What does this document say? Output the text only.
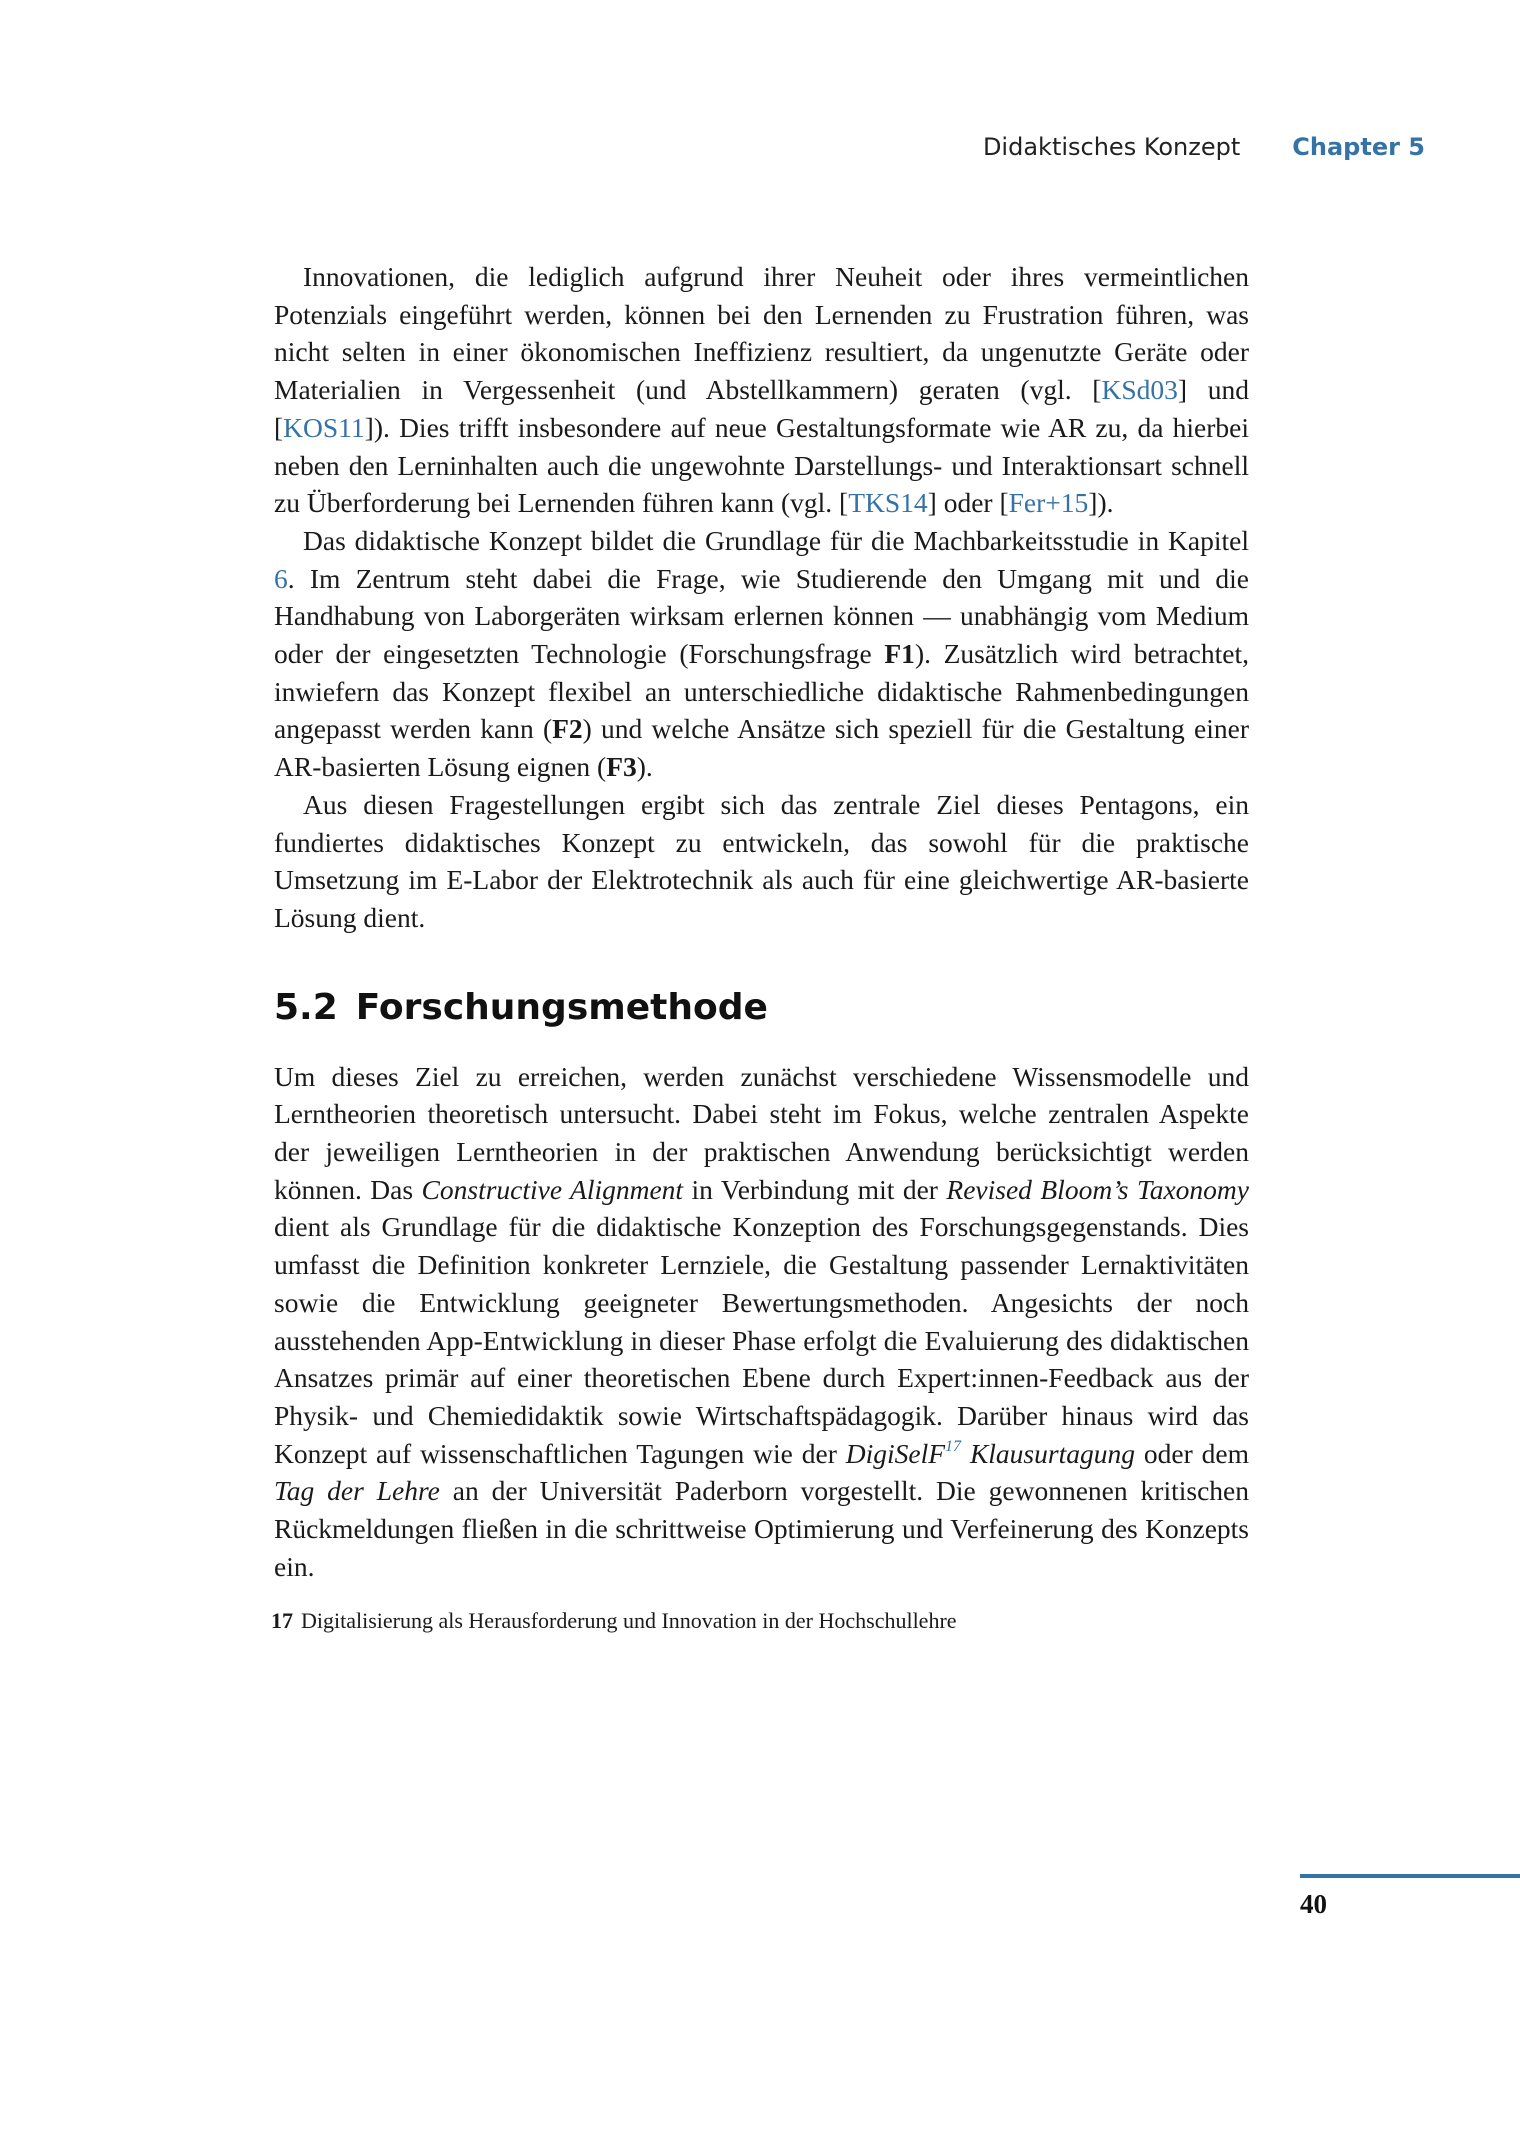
Didaktisches Konzept Chapter 5

Innovationen, die lediglich aufgrund ihrer Neuheit oder ihres vermeintlichen Potenzials eingeführt werden, können bei den Lernenden zu Frustration führen, was nicht selten in einer ökonomischen Ineffizienz resultiert, da ungenutzte Geräte oder Materialien in Vergessenheit (und Abstellkammern) geraten (vgl. [KSd03] und [KOS11]). Dies trifft insbesondere auf neue Gestaltungsformate wie AR zu, da hierbei neben den Lerninhalten auch die ungewohnte Darstellungs- und Interaktionsart schnell zu Überforderung bei Lernenden führen kann (vgl. [TKS14] oder [Fer+15]).

Das didaktische Konzept bildet die Grundlage für die Machbarkeitsstudie in Kapitel 6. Im Zentrum steht dabei die Frage, wie Studierende den Umgang mit und die Handhabung von Laborgeräten wirksam erlernen können — unabhängig vom Medium oder der eingesetzten Technologie (Forschungsfrage F1). Zusätzlich wird betrachtet, inwiefern das Konzept flexibel an unterschiedliche didaktische Rahmenbedingungen angepasst werden kann (F2) und welche Ansätze sich speziell für die Gestaltung einer AR-basierten Lösung eignen (F3).

Aus diesen Fragestellungen ergibt sich das zentrale Ziel dieses Pentagons, ein fundiertes didaktisches Konzept zu entwickeln, das sowohl für die praktische Umsetzung im E-Labor der Elektrotechnik als auch für eine gleichwertige AR-basierte Lösung dient.

5.2 Forschungsmethode

Um dieses Ziel zu erreichen, werden zunächst verschiedene Wissensmodelle und Lerntheorien theoretisch untersucht. Dabei steht im Fokus, welche zentralen Aspekte der jeweiligen Lerntheorien in der praktischen Anwendung berücksichtigt werden können. Das Constructive Alignment in Verbindung mit der Revised Bloom’s Taxonomy dient als Grundlage für die didaktische Konzeption des Forschungsgegenstands. Dies umfasst die Definition konkreter Lernziele, die Gestaltung passender Lernaktivitäten sowie die Entwicklung geeigneter Bewertungsmethoden. Angesichts der noch ausstehenden App-Entwicklung in dieser Phase erfolgt die Evaluierung des didaktischen Ansatzes primär auf einer theoretischen Ebene durch Expert:innen-Feedback aus der Physik- und Chemiedidaktik sowie Wirtschaftspädagogik. Darüber hinaus wird das Konzept auf wissenschaftlichen Tagungen wie der DigiSelF$^{17}$ Klausurtagung oder dem Tag der Lehre an der Universität Paderborn vorgestellt. Die gewonnenen kritischen Rückmeldungen fließen in die schrittweise Optimierung und Verfeinerung des Konzepts ein.

17 Digitalisierung als Herausforderung und Innovation in der Hochschullehre
40
